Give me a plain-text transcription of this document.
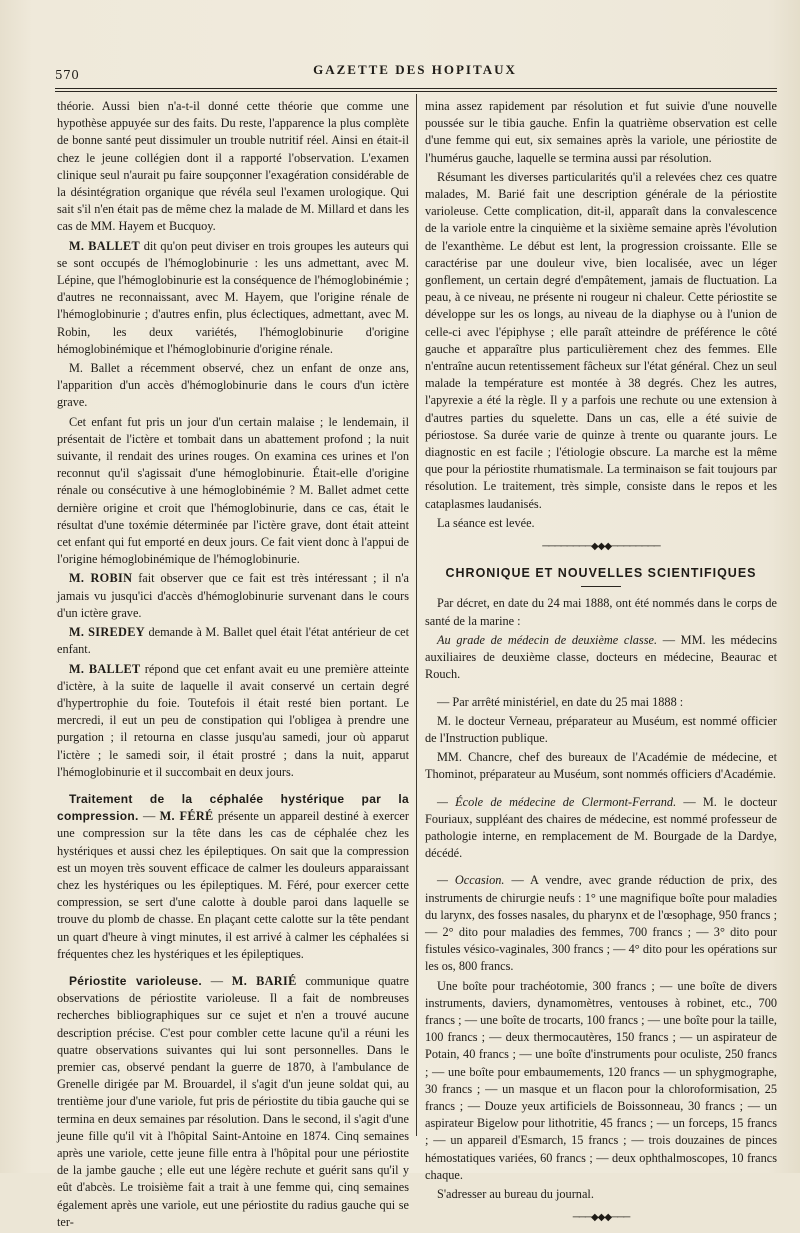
570	GAZETTE DES HOPITAUX

théorie. Aussi bien n'a-t-il donné cette théorie que comme une hypothèse appuyée sur des faits. Du reste, l'apparence la plus complète de bonne santé peut dissimuler un trouble nutritif réel. Ainsi en était-il chez le jeune collégien dont il a rapporté l'observation. L'examen clinique seul n'aurait pu faire soupçonner l'exagération considérable de la désintégration organique que révéla seul l'examen urologique. Qui sait s'il n'en était pas de même chez la malade de M. Millard et dans les cas de MM. Hayem et Bucquoy.

M. BALLET dit qu'on peut diviser en trois groupes les auteurs qui se sont occupés de l'hémoglobinurie : les uns admettant, avec M. Lépine, que l'hémoglobinurie est la conséquence de l'hémoglobinémie ; d'autres ne reconnaissant, avec M. Hayem, que l'origine rénale de l'hémoglobinurie ; d'autres enfin, plus éclectiques, admettant, avec M. Robin, les deux variétés, l'hémoglobinurie d'origine hémoglobinémique et l'hémoglobinurie d'origine rénale.

M. Ballet a récemment observé, chez un enfant de onze ans, l'apparition d'un accès d'hémoglobinurie dans le cours d'un ictère grave.

Cet enfant fut pris un jour d'un certain malaise ; le lendemain, il présentait de l'ictère et tombait dans un abattement profond ; la nuit suivante, il rendait des urines rouges. On examina ces urines et l'on reconnut qu'il s'agissait d'une hémoglobinurie. Était-elle d'origine rénale ou consécutive à une hémoglobinémie ? M. Ballet admet cette dernière origine et croit que l'hémoglobinurie, dans ce cas, était le résultat d'une toxémie déterminée par l'ictère grave, dont était atteint cet enfant qui fut emporté en deux jours. Ce fait vient donc à l'appui de l'origine hémoglobinémique de l'hémoglobinurie.

M. ROBIN fait observer que ce fait est très intéressant ; il n'a jamais vu jusqu'ici d'accès d'hémoglobinurie survenant dans le cours d'un ictère grave.

M. SIREDEY demande à M. Ballet quel était l'état antérieur de cet enfant.

M. BALLET répond que cet enfant avait eu une première atteinte d'ictère, à la suite de laquelle il avait conservé un certain degré d'hypertrophie du foie. Toutefois il était resté bien portant. Le mercredi, il eut un peu de constipation qui l'obligea à prendre une purgation ; il retourna en classe jusqu'au samedi, jour où apparut l'ictère ; le samedi soir, il était prostré ; dans la nuit, apparut l'hémoglobinurie et il succombait en deux jours.

Traitement de la céphalée hystérique par la compression. — M. FÉRÉ présente un appareil destiné à exercer une compression sur la tête dans les cas de céphalée chez les hystériques et aussi chez les épileptiques. On sait que la compression est un moyen très souvent efficace de calmer les douleurs apparaissant chez les hystériques ou les épileptiques. M. Féré, pour exercer cette compression, se sert d'une calotte à double paroi dans laquelle se trouve du plomb de chasse. En plaçant cette calotte sur la tête pendant un quart d'heure à vingt minutes, il est arrivé à calmer les céphalées si fréquentes chez les hystériques et les épileptiques.

Périostite varioleuse. — M. BARIÉ communique quatre observations de périostite varioleuse. Il a fait de nombreuses recherches bibliographiques sur ce sujet et n'en a trouvé aucune description précise. C'est pour combler cette lacune qu'il a réuni les quatre observations suivantes qui lui sont personnelles. Dans le premier cas, observé pendant la guerre de 1870, à l'ambulance de Grenelle dirigée par M. Brouardel, il s'agit d'un jeune soldat qui, au trentième jour d'une variole, fut pris de périostite du tibia gauche qui se termina en deux semaines par résolution. Dans le second, il s'agit d'une jeune fille qu'il vit à l'hôpital Saint-Antoine en 1874. Cinq semaines après une variole, cette jeune fille entra à l'hôpital pour une périostite de la jambe gauche ; elle eut une légère rechute et guérit sans qu'il y eût d'abcès. Le troisième fait a trait à une femme qui, cinq semaines également après une variole, eut une périostite du radius gauche qui se ter-

mina assez rapidement par résolution et fut suivie d'une nouvelle poussée sur le tibia gauche. Enfin la quatrième observation est celle d'une femme qui eut, six semaines après la variole, une périostite de l'humérus gauche, laquelle se termina aussi par résolution.

Résumant les diverses particularités qu'il a relevées chez ces quatre malades, M. Barié fait une description générale de la périostite varioleuse. Cette complication, dit-il, apparaît dans la convalescence de la variole entre la cinquième et la sixième semaine après l'évolution de l'exanthème. Le début est lent, la progression croissante. Elle se caractérise par une douleur vive, bien localisée, avec un léger gonflement, un certain degré d'empâtement, jamais de fluctuation. La peau, à ce niveau, ne présente ni rougeur ni chaleur. Cette périostite se développe sur les os longs, au niveau de la diaphyse ou à l'union de celle-ci avec l'épiphyse ; elle paraît atteindre de préférence le côté gauche et apparaître plus particulièrement chez des femmes. Elle n'entraîne aucun retentissement fâcheux sur l'état général. Chez un seul malade la température est montée à 38 degrés. Chez les autres, l'apyrexie a été la règle. Il y a parfois une rechute ou une extension à d'autres parties du squelette. Dans un cas, elle a été suivie de périostose. Sa durée varie de quinze à trente ou quarante jours. Le diagnostic en est facile ; l'étiologie obscure. La marche est la même que pour la périostite rhumatismale. La terminaison se fait toujours par résolution. Le traitement, très simple, consiste dans le repos et les cataplasmes laudanisés.

La séance est levée.

────────◆◆◆────────
CHRONIQUE ET NOUVELLES SCIENTIFIQUES

Par décret, en date du 24 mai 1888, ont été nommés dans le corps de santé de la marine :

Au grade de médecin de deuxième classe. — MM. les médecins auxiliaires de deuxième classe, docteurs en médecine, Beaurac et Rouch.

— Par arrêté ministériel, en date du 25 mai 1888 :

M. le docteur Verneau, préparateur au Muséum, est nommé officier de l'Instruction publique.

MM. Chancre, chef des bureaux de l'Académie de médecine, et Thominot, préparateur au Muséum, sont nommés officiers d'Académie.

— École de médecine de Clermont-Ferrand. — M. le docteur Fouriaux, suppléant des chaires de médecine, est nommé professeur de pathologie interne, en remplacement de M. Bourgade de la Dardye, décédé.

— Occasion. — A vendre, avec grande réduction de prix, des instruments de chirurgie neufs : 1° une magnifique boîte pour maladies du larynx, des fosses nasales, du pharynx et de l'œsophage, 950 francs ; — 2° dito pour maladies des femmes, 700 francs ; — 3° dito pour fistules vésico-vaginales, 300 francs ; — 4° dito pour les opérations sur les os, 800 francs.

Une boîte pour trachéotomie, 300 francs ; — une boîte de divers instruments, daviers, dynamomètres, ventouses à robinet, etc., 700 francs ; — une boîte de trocarts, 100 francs ; — une boîte pour la taille, 100 francs ; — deux thermocautères, 150 francs ; — un aspirateur de Potain, 40 francs ; — une boîte d'instruments pour oculiste, 250 francs ; — une boîte pour embaumements, 120 francs — un sphygmographe, 30 francs ; — un masque et un flacon pour la chloroformisation, 25 francs ; — Douze yeux artificiels de Boissonneau, 30 francs ; — un aspirateur Bigelow pour lithotritie, 45 francs ; — un forceps, 15 francs ; — un appareil d'Esmarch, 15 francs ; — trois douzaines de pinces hémostatiques variées, 60 francs ; — deux ophthalmoscopes, 10 francs chaque.

S'adresser au bureau du journal.

───◆◆◆───
